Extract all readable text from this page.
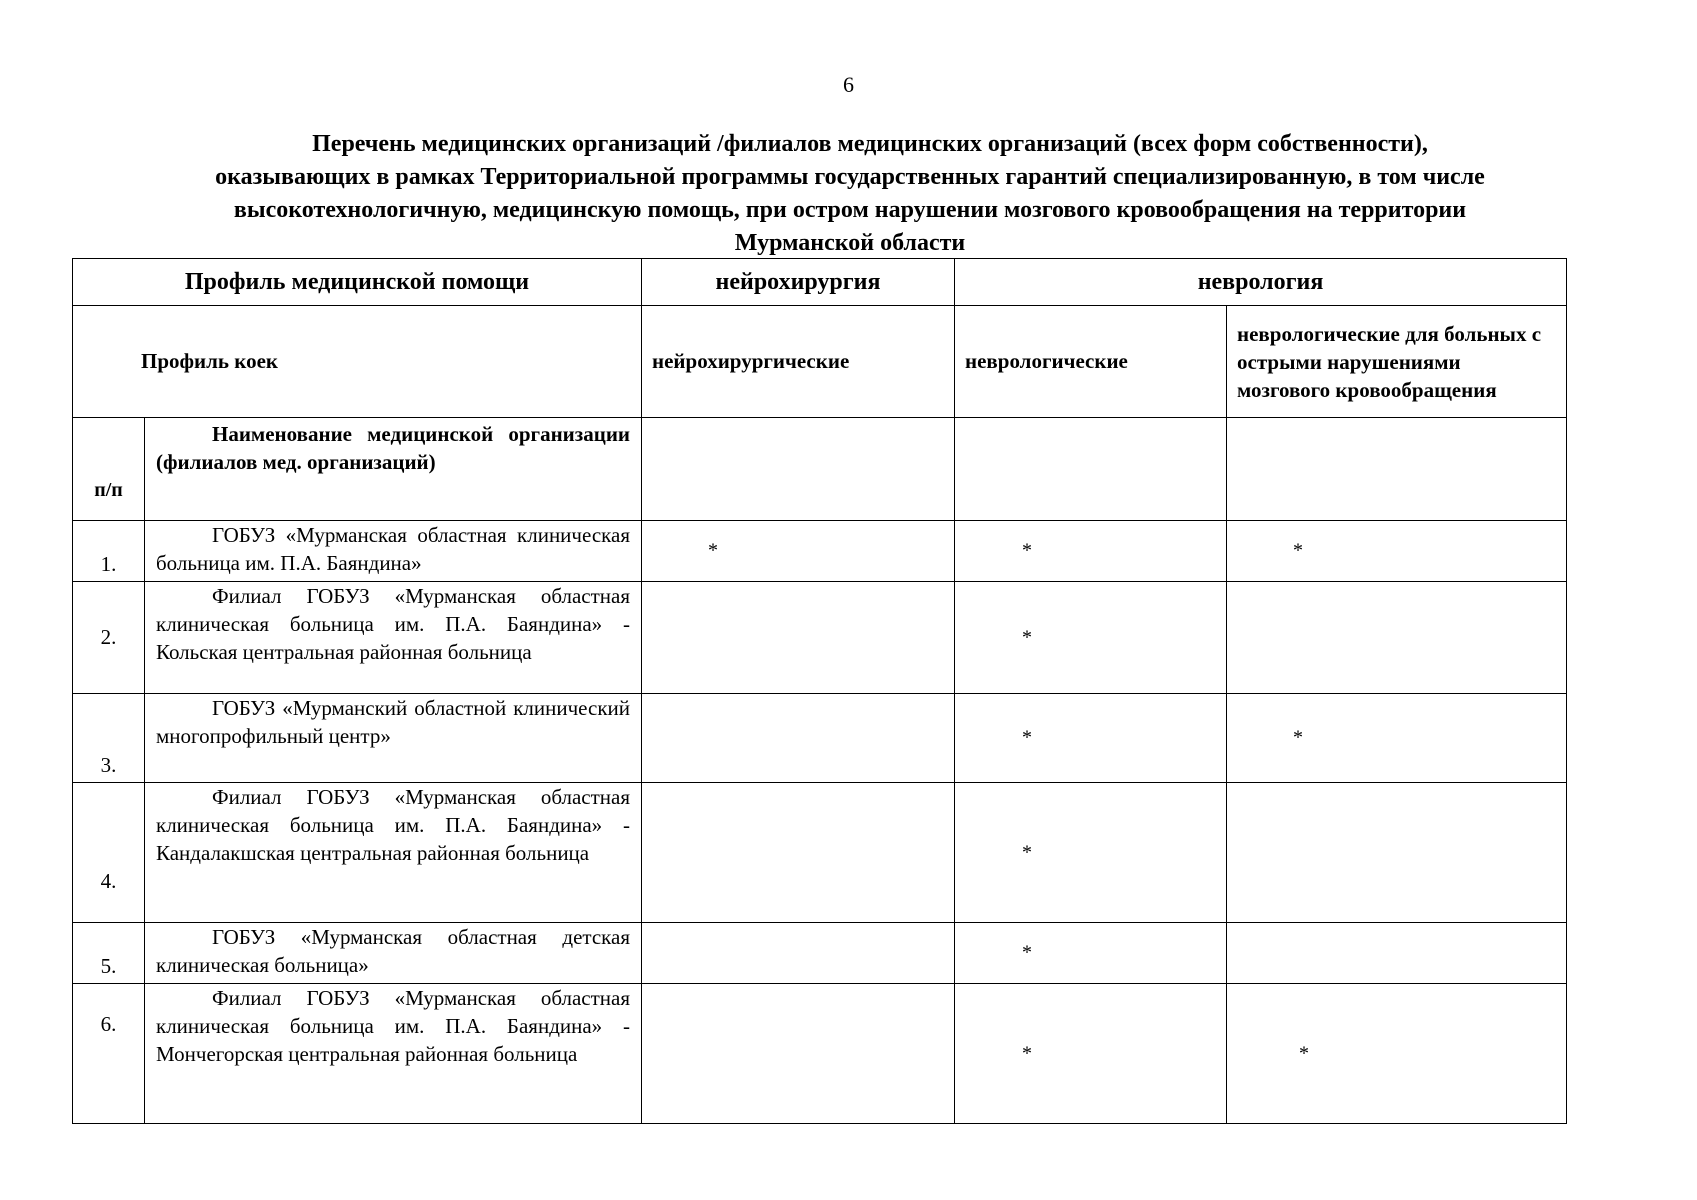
6
Перечень медицинских организаций /филиалов медицинских организаций (всех форм собственности),
оказывающих в рамках Территориальной программы государственных гарантий специализированную, в том числе
высокотехнологичную, медицинскую помощь, при остром нарушении мозгового кровообращения на территории
Мурманской области
Профиль медицинской помощи		нейрохирургия	неврология	
Профиль коек		нейрохирургические	неврологические	неврологические для больных с острыми нарушениями мозгового кровообращения
п/п	Наименование медицинской организации (филиалов мед. организаций)			
1.	ГОБУЗ «Мурманская областная клиническая больница им. П.А. Баяндина»	*	*	*

2.	Филиал ГОБУЗ «Мурманская областная клиническая больница им. П.А. Баяндина» - Кольская центральная районная больница		*	

3.	ГОБУЗ «Мурманский областной клинический многопрофильный центр»		*	*

4.	Филиал ГОБУЗ «Мурманская областная клиническая больница им. П.А. Баяндина» - Кандалакшская центральная районная больница		*	

5.	ГОБУЗ «Мурманская областная детская клиническая больница»		*	

6.	Филиал ГОБУЗ «Мурманская областная клиническая больница им. П.А. Баяндина» - Мончегорская центральная районная больница		*	*
